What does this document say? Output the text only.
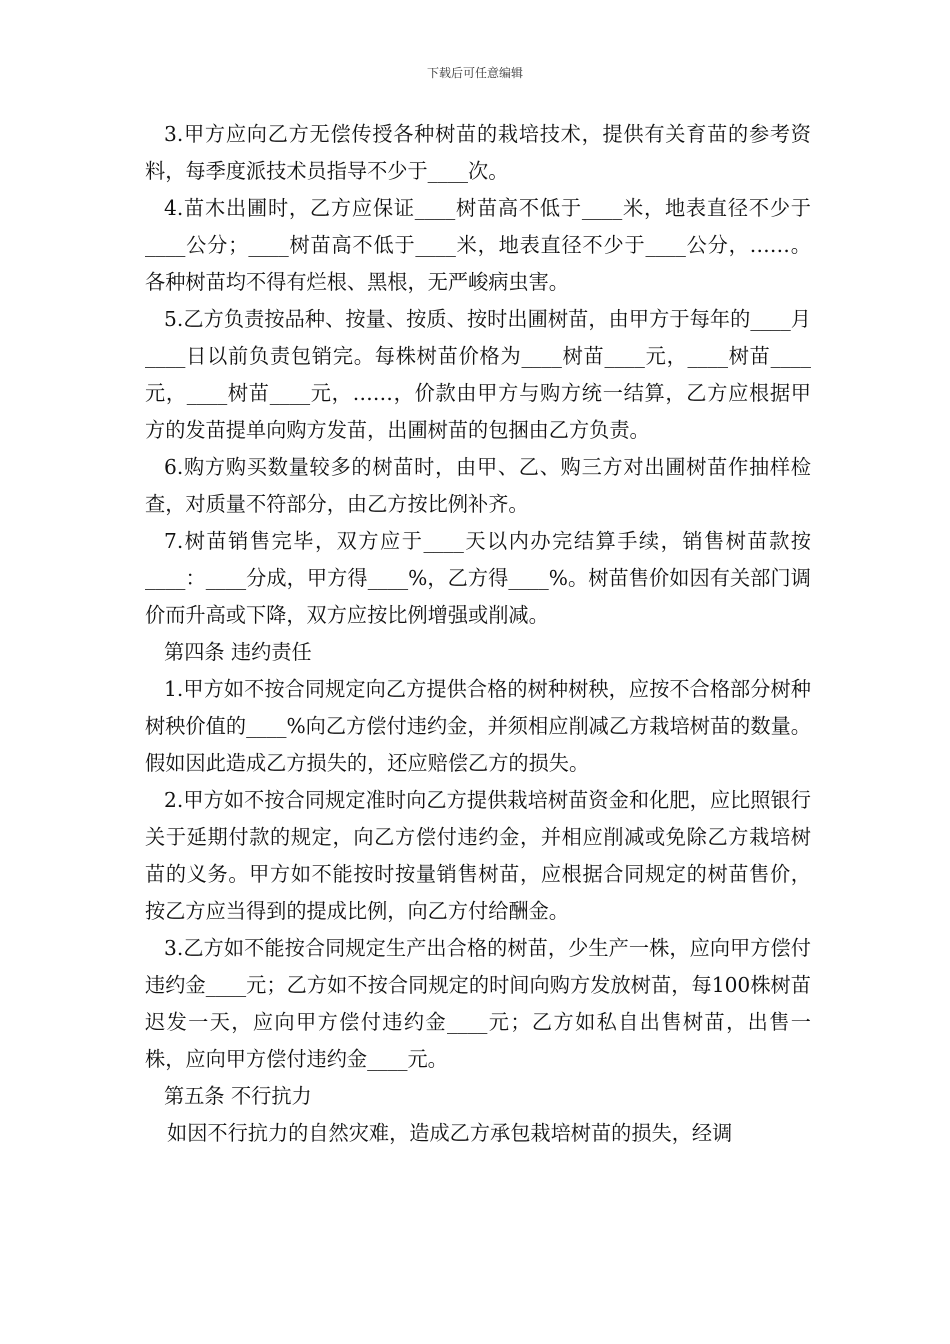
下载后可任意编辑

3.甲方应向乙方无偿传授各种树苗的栽培技术，提供有关育苗的参考资料，每季度派技术员指导不少于____次。

4.苗木出圃时，乙方应保证____树苗高不低于____米，地表直径不少于____公分；____树苗高不低于____米，地表直径不少于____公分，……。各种树苗均不得有烂根、黑根，无严峻病虫害。

5.乙方负责按品种、按量、按质、按时出圃树苗，由甲方于每年的____月____日以前负责包销完。每株树苗价格为____树苗____元，____树苗____元，____树苗____元，……，价款由甲方与购方统一结算，乙方应根据甲方的发苗提单向购方发苗，出圃树苗的包捆由乙方负责。

6.购方购买数量较多的树苗时，由甲、乙、购三方对出圃树苗作抽样检查，对质量不符部分，由乙方按比例补齐。

7.树苗销售完毕，双方应于____天以内办完结算手续，销售树苗款按____：____分成，甲方得____%，乙方得____%。树苗售价如因有关部门调价而升高或下降，双方应按比例增强或削减。

第四条 违约责任

1.甲方如不按合同规定向乙方提供合格的树种树秧，应按不合格部分树种树秧价值的____%向乙方偿付违约金，并须相应削减乙方栽培树苗的数量。假如因此造成乙方损失的，还应赔偿乙方的损失。

2.甲方如不按合同规定准时向乙方提供栽培树苗资金和化肥，应比照银行关于延期付款的规定，向乙方偿付违约金，并相应削减或免除乙方栽培树苗的义务。甲方如不能按时按量销售树苗，应根据合同规定的树苗售价，按乙方应当得到的提成比例，向乙方付给酬金。

3.乙方如不能按合同规定生产出合格的树苗，少生产一株，应向甲方偿付违约金____元；乙方如不按合同规定的时间向购方发放树苗，每100株树苗迟发一天，应向甲方偿付违约金____元；乙方如私自出售树苗，出售一株，应向甲方偿付违约金____元。

第五条 不行抗力

如因不行抗力的自然灾难，造成乙方承包栽培树苗的损失，经调
